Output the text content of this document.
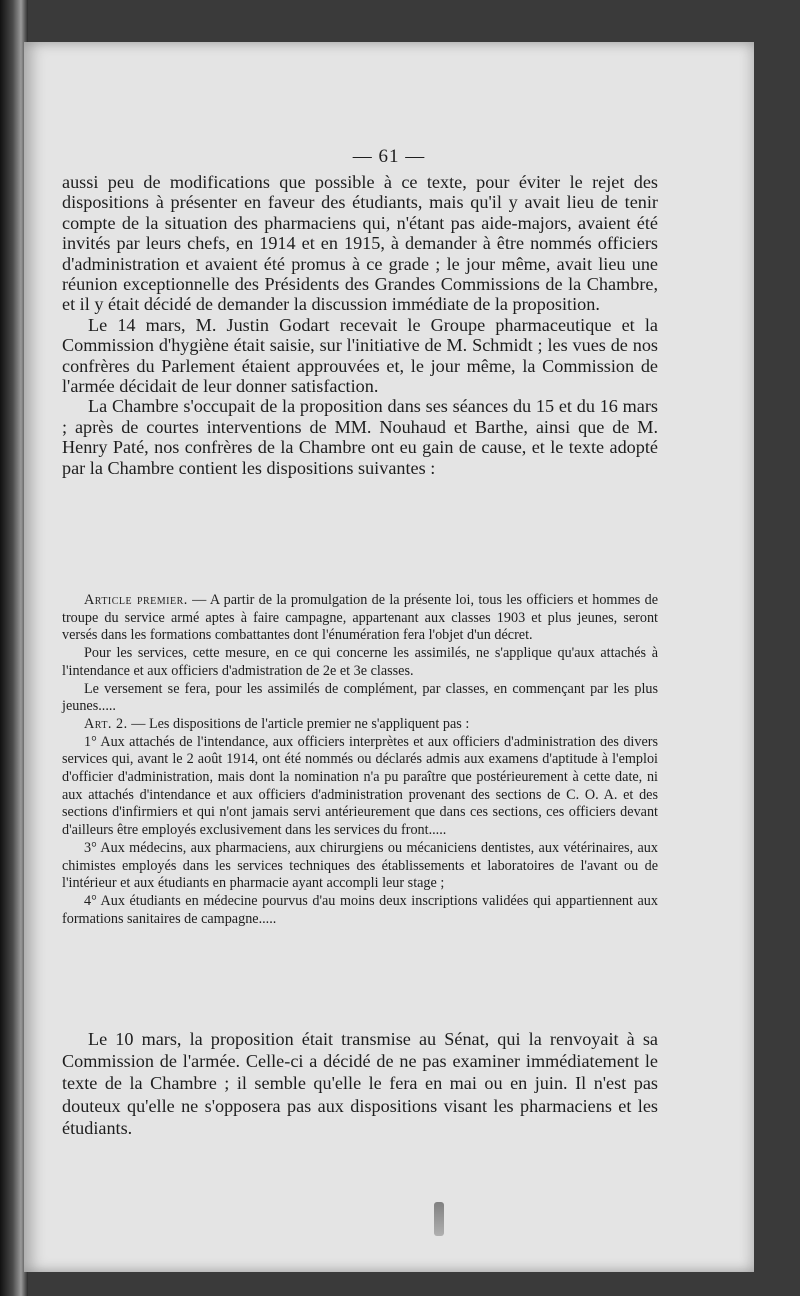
— 61 —

aussi peu de modifications que possible à ce texte, pour éviter le rejet des dispositions à présenter en faveur des étudiants, mais qu'il y avait lieu de tenir compte de la situation des pharmaciens qui, n'étant pas aide-majors, avaient été invités par leurs chefs, en 1914 et en 1915, à demander à être nommés officiers d'administration et avaient été promus à ce grade ; le jour même, avait lieu une réunion exceptionnelle des Présidents des Grandes Commissions de la Chambre, et il y était décidé de demander la discussion immédiate de la proposition.

Le 14 mars, M. Justin Godart recevait le Groupe pharmaceutique et la Commission d'hygiène était saisie, sur l'initiative de M. Schmidt ; les vues de nos confrères du Parlement étaient approuvées et, le jour même, la Commission de l'armée décidait de leur donner satisfaction.

La Chambre s'occupait de la proposition dans ses séances du 15 et du 16 mars ; après de courtes interventions de MM. Nouhaud et Barthe, ainsi que de M. Henry Paté, nos confrères de la Chambre ont eu gain de cause, et le texte adopté par la Chambre contient les dispositions suivantes :

Article premier. — A partir de la promulgation de la présente loi, tous les officiers et hommes de troupe du service armé aptes à faire campagne, appartenant aux classes 1903 et plus jeunes, seront versés dans les formations combattantes dont l'énumération fera l'objet d'un décret.

Pour les services, cette mesure, en ce qui concerne les assimilés, ne s'applique qu'aux attachés à l'intendance et aux officiers d'admistration de 2e et 3e classes.

Le versement se fera, pour les assimilés de complément, par classes, en commençant par les plus jeunes.....

Art. 2. — Les dispositions de l'article premier ne s'appliquent pas :

1° Aux attachés de l'intendance, aux officiers interprètes et aux officiers d'administration des divers services qui, avant le 2 août 1914, ont été nommés ou déclarés admis aux examens d'aptitude à l'emploi d'officier d'administration, mais dont la nomination n'a pu paraître que postérieurement à cette date, ni aux attachés d'intendance et aux officiers d'administration provenant des sections de C. O. A. et des sections d'infirmiers et qui n'ont jamais servi antérieurement que dans ces sections, ces officiers devant d'ailleurs être employés exclusivement dans les services du front.....

3° Aux médecins, aux pharmaciens, aux chirurgiens ou mécaniciens dentistes, aux vétérinaires, aux chimistes employés dans les services techniques des établissements et laboratoires de l'avant ou de l'intérieur et aux étudiants en pharmacie ayant accompli leur stage ;

4° Aux étudiants en médecine pourvus d'au moins deux inscriptions validées qui appartiennent aux formations sanitaires de campagne.....

Le 10 mars, la proposition était transmise au Sénat, qui la renvoyait à sa Commission de l'armée. Celle-ci a décidé de ne pas examiner immédiatement le texte de la Chambre ; il semble qu'elle le fera en mai ou en juin. Il n'est pas douteux qu'elle ne s'opposera pas aux dispositions visant les pharmaciens et les étudiants.
